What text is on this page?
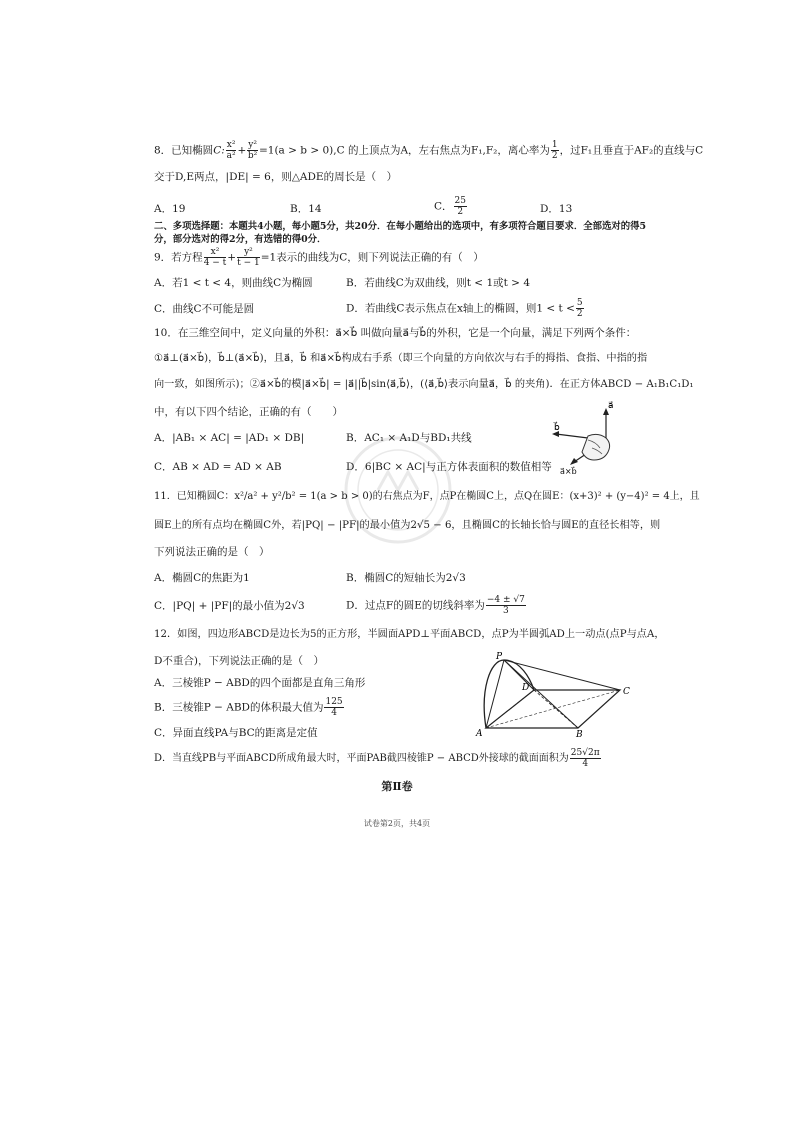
8．已知椭圆C: $\frac{\text{x²}}{\text{a²}} + \frac{\text{y²}}{\text{b²}} =1(a > b > 0),C$ 的上顶点为A，左右焦点为F₁,F₂，离心率为 $\frac{1}{2}$ ，过F₁且垂直于AF₂的直线与C
交于D,E两点，|DE| = 6，则△ADE的周长是（　）
A．19	B．14	C． $\frac{25}{2}$	D．13
二、多项选择题：本题共4小题，每小题5分，共20分．在每小题给出的选项中，有多项符合题目要求．全部选对的得5
分，部分选对的得2分，有选错的得0分．
9．若方程 $\frac{\text{x²}}{4 - t} + \frac{\text{y²}}{t - 1} =1$表示的曲线为C，则下列说法正确的有（　）
A．若1 < t < 4，则曲线C为椭圆	B．若曲线C为双曲线，则t < 1或t > 4
C．曲线C不可能是圆	D．若曲线C表示焦点在x轴上的椭圆，则$1 < t < \frac{5}{2}$
10．在三维空间中，定义向量的外积：a⃗×b⃗ 叫做向量a⃗与b⃗的外积，它是一个向量，满足下列两个条件：
①a⃗⊥(a⃗×b⃗)，b⃗⊥(a⃗×b⃗)，且a⃗，b⃗ 和a⃗×b⃗构成右手系（即三个向量的方向依次与右手的拇指、食指、中指的指
向一致，如图所示)；②a⃗×b⃗的模|a⃗×b⃗| = |a⃗||b⃗|sin⟨a⃗,b⃗⟩，(⟨a⃗,b⃗⟩表示向量a⃗，b⃗ 的夹角)．在正方体ABCD − A₁B₁C₁D₁
中，有以下四个结论，正确的有（　　）
A．|AB₁ × AC| = |AD₁ × DB|	B．AC₁ × A₁D与BD₁共线
C．AB × AD = AD × AB	D．6|BC × AC|与正方体表面积的数值相等
a⃗
b⃗
a⃗×b⃗
11．已知椭圆C：x²/a² + y²/b² = 1(a > b > 0)的右焦点为F，点P在椭圆C上，点Q在圆E：(x+3)² + (y−4)² = 4上，且
圆E上的所有点均在椭圆C外，若|PQ| − |PF|的最小值为2√5 − 6，且椭圆C的长轴长恰与圆E的直径长相等，则
下列说法正确的是（　）
A．椭圆C的焦距为1	B．椭圆C的短轴长为2√3
C．|PQ| + |PF|的最小值为2√3	D．过点F的圆E的切线斜率为 $\frac{-4 \pm √7}{3}$
12．如图，四边形ABCD是边长为5的正方形，半圆面APD⊥平面ABCD，点P为半圆弧AD上一动点(点P与点A，
D不重合)，下列说法正确的是（　）
A．三棱锥P − ABD的四个面都是直角三角形
B．三棱锥P − ABD的体积最大值为 $\frac{125}{4}$
C．异面直线PA与BC的距离是定值
D．当直线PB与平面ABCD所成角最大时，平面PAB截四棱锥P − ABCD外接球的截面面积为 $\frac{25√2\pi}{4}$
P
D	C
A	B
第Ⅱ卷
试卷第2页，共4页
